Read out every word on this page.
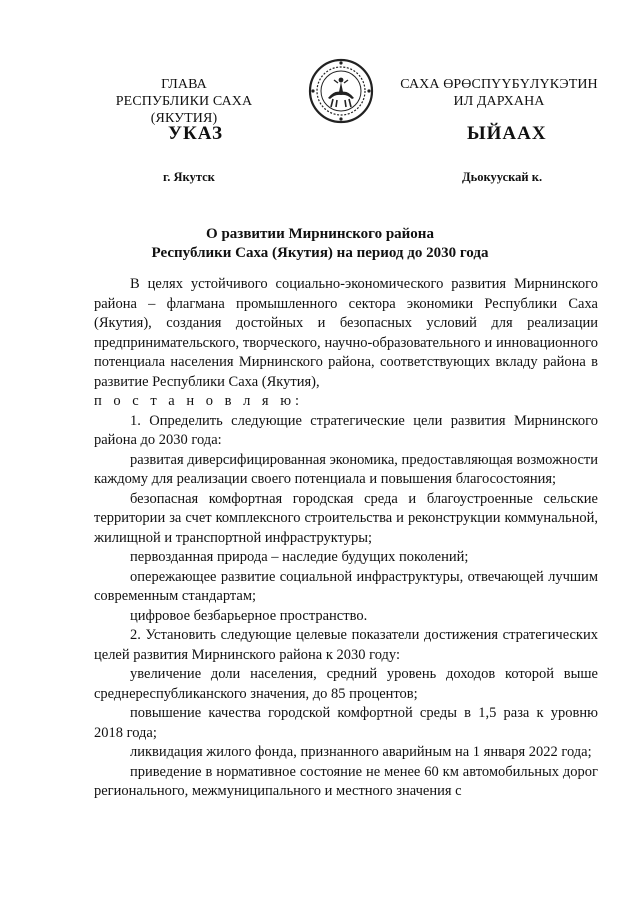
ГЛАВА
РЕСПУБЛИКИ САХА (ЯКУТИЯ)
САХА ӨРӨСПҮҮБҮЛҮКЭТИН
ИЛ ДАРХАНА
УКАЗ	ЫЙААХ
г. Якутск	Дьокуускай к.
О развитии Мирнинского района
Республики Саха (Якутия) на период до 2030 года

В целях устойчивого социально-экономического развития Мирнинского района – флагмана промышленного сектора экономики Республики Саха (Якутия), создания достойных и безопасных условий для реализации предпринимательского, творческого, научно-образовательного и инновационного потенциала населения Мирнинского района, соответствующих вкладу района в развитие Республики Саха (Якутия),

п о с т а н о в л я ю:

1. Определить следующие стратегические цели развития Мирнинского района до 2030 года:

развитая диверсифицированная экономика, предоставляющая возможности каждому для реализации своего потенциала и повышения благосостояния;

безопасная комфортная городская среда и благоустроенные сельские территории за счет комплексного строительства и реконструкции коммунальной, жилищной и транспортной инфраструктуры;

первозданная природа – наследие будущих поколений;

опережающее развитие социальной инфраструктуры, отвечающей лучшим современным стандартам;

цифровое безбарьерное пространство.

2. Установить следующие целевые показатели достижения стратегических целей развития Мирнинского района к 2030 году:

увеличение доли населения, средний уровень доходов которой выше среднереспубликанского значения, до 85 процентов;

повышение качества городской комфортной среды в 1,5 раза к уровню 2018 года;

ликвидация жилого фонда, признанного аварийным на 1 января 2022 года;

приведение в нормативное состояние не менее 60 км автомобильных дорог регионального, межмуниципального и местного значения с
